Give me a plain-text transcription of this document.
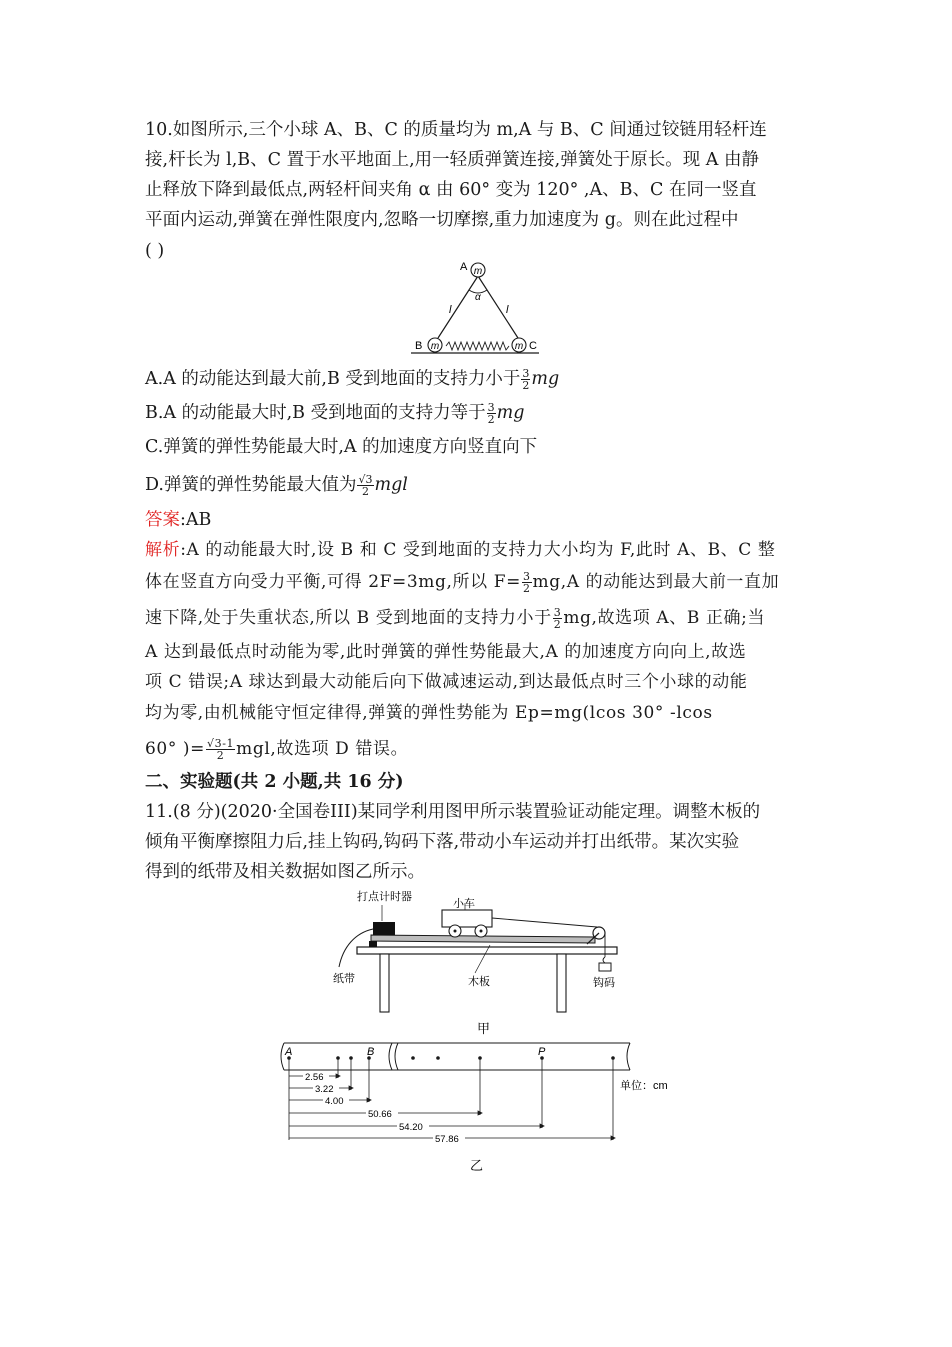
10.如图所示,三个小球 A、B、C 的质量均为 m,A 与 B、C 间通过铰链用轻杆连
接,杆长为 l,B、C 置于水平地面上,用一轻质弹簧连接,弹簧处于原长。现 A 由静
止释放下降到最低点,两轻杆间夹角 α 由 60° 变为 120° ,A、B、C 在同一竖直
平面内运动,弹簧在弹性限度内,忽略一切摩擦,重力加速度为 g。则在此过程中
( )
m
m	m
A
B	C
α
l	l
A.A 的动能达到最大前,B 受到地面的支持力小于 $\frac{3}{2}$ mg
B.A 的动能最大时,B 受到地面的支持力等于 $\frac{3}{2}$ mg
C.弹簧的弹性势能最大时,A 的加速度方向竖直向下
D.弹簧的弹性势能最大值为 $\frac{√3}{2}$ mgl
答案:AB
解析:A 的动能最大时,设 B 和 C 受到地面的支持力大小均为 F,此时 A、B、C 整
体在竖直方向受力平衡,可得 2F=3mg,所以 $F= \frac{3}{2} mg,A$ 的动能达到最大前一直加
速下降,处于失重状态,所以 B 受到地面的支持力小于 $\frac{3}{2}$ mg,故选项 A、B 正确;当
A 达到最低点时动能为零,此时弹簧的弹性势能最大,A 的加速度方向向上,故选
项 C 错误;A 球达到最大动能后向下做减速运动,到达最低点时三个小球的动能
均为零,由机械能守恒定律得,弹簧的弹性势能为 Ep=mg(lcos 30° -lcos
60° )= $\frac{√3-1}{2}$ mgl,故选项 D 错误。
二、实验题(共 2 小题,共 16 分)
11.(8 分)(2020·全国卷III)某同学利用图甲所示装置验证动能定理。调整木板的
倾角平衡摩擦阻力后,挂上钩码,钩码下落,带动小车运动并打出纸带。某次实验
得到的纸带及相关数据如图乙所示。
打点计时器
小车
纸带	木板	钩码
甲
2.56
3.22
4.00
50.66
54.20
57.86
A	B	P
单位：cm
乙
